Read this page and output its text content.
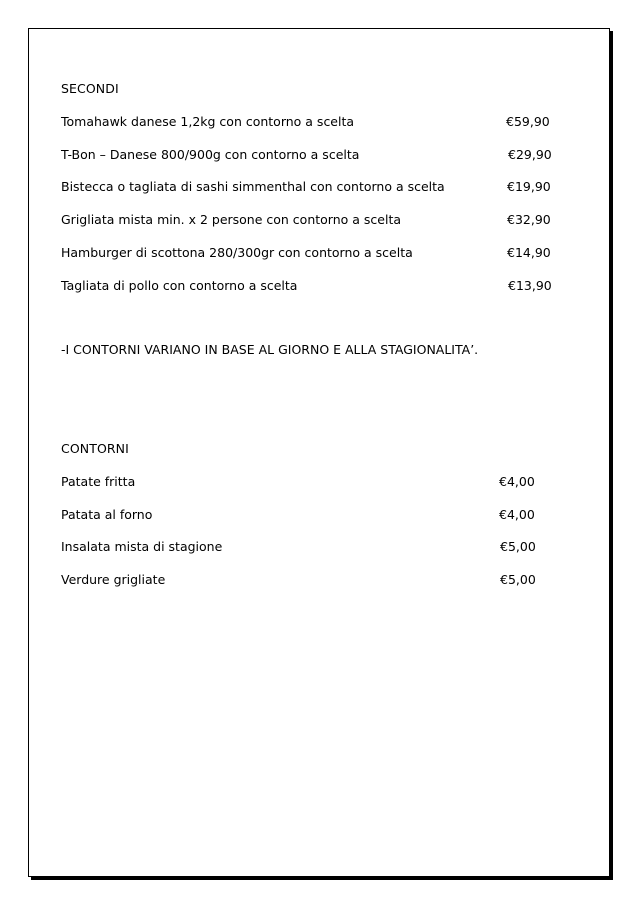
SECONDI
Tomahawk danese 1,2kg con contorno a scelta	€59,90
T-Bon – Danese 800/900g con contorno a scelta	€29,90
Bistecca o tagliata di sashi simmenthal con contorno a scelta	€19,90
Grigliata mista min. x 2 persone con contorno a scelta	€32,90
Hamburger di scottona 280/300gr con contorno a scelta	€14,90
Tagliata di pollo con contorno a scelta	€13,90
-I CONTORNI VARIANO IN BASE AL GIORNO E ALLA STAGIONALITA’.
CONTORNI
Patate fritta	€4,00
Patata al forno	€4,00
Insalata mista di stagione	€5,00
Verdure grigliate	€5,00
